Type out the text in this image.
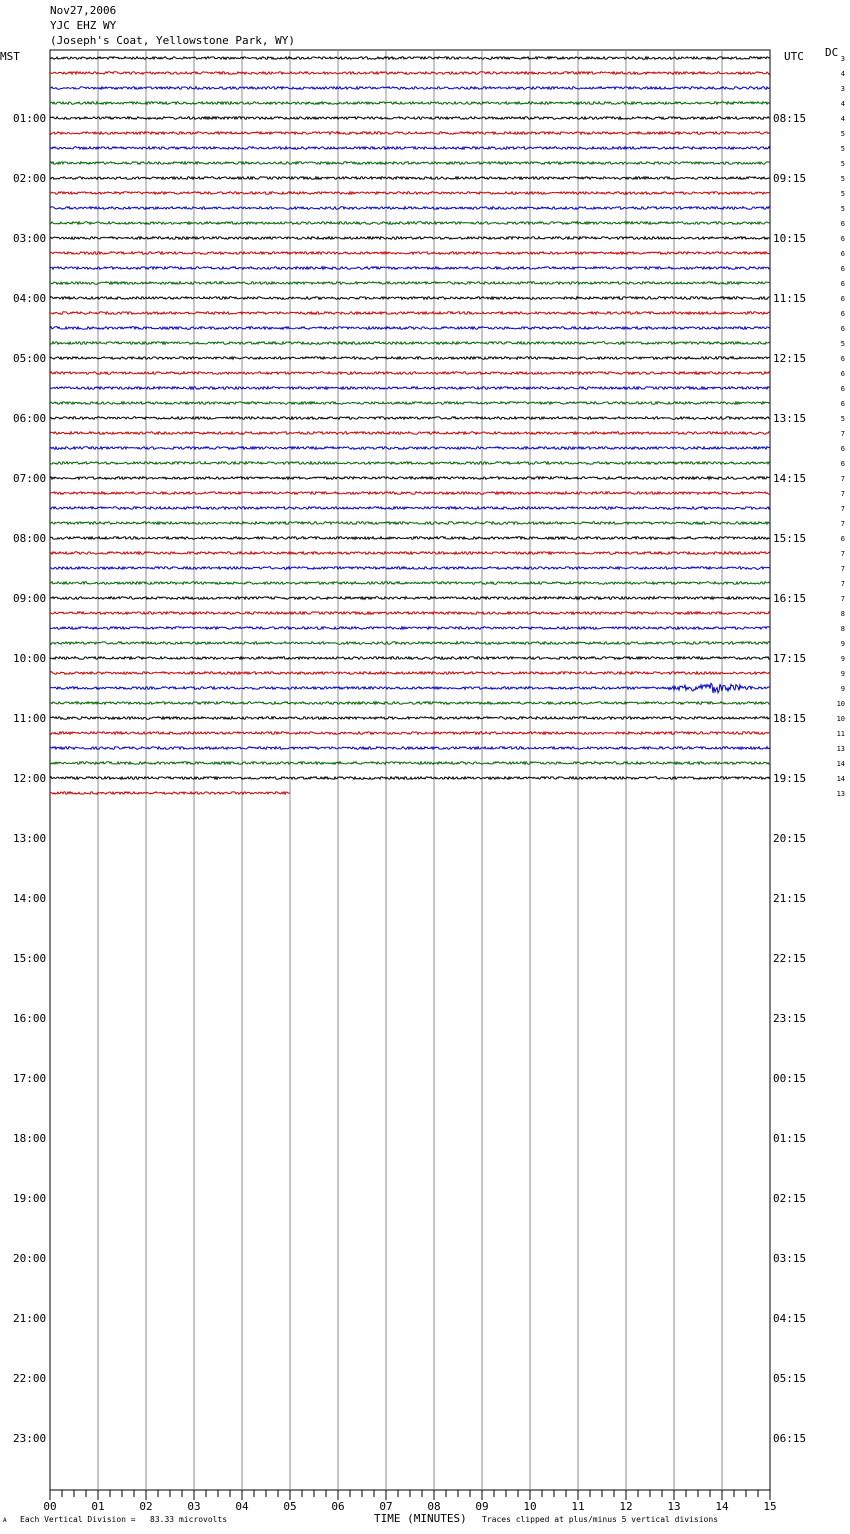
Nov27,2006
YJC EHZ WY
(Joseph's Coat, Yellowstone Park, WY)
01:00
02:00
03:00
04:00
05:00
06:00
07:00
08:00
09:00
10:00
11:00
12:00
13:00
14:00
15:00
16:00
17:00
18:00
19:00
20:00
21:00
22:00
23:00
08:15
09:15
10:15
11:15
12:15
13:15
14:15
15:15
16:15
17:15
18:15
19:15
20:15
21:15
22:15
23:15
00:15
01:15
02:15
03:15
04:15
05:15
06:15
3
4
3
4
4
5
5
5
5
5
5
6
6
6
6
6
6
6
6
5
6
6
6
6
5
7
6
6
7
7
7
7
6
7
7
7
7
8
8
9
9
9
9
10
10
11
13
14
14
13
00	01	02	03	04	05	06	07	08	09	10	11	12	13	14	15
MST	UTC DC
TIME (MINUTES)
A Each Vertical Division =   83.33 microvolts	Traces clipped at plus/minus 5 vertical divisions
